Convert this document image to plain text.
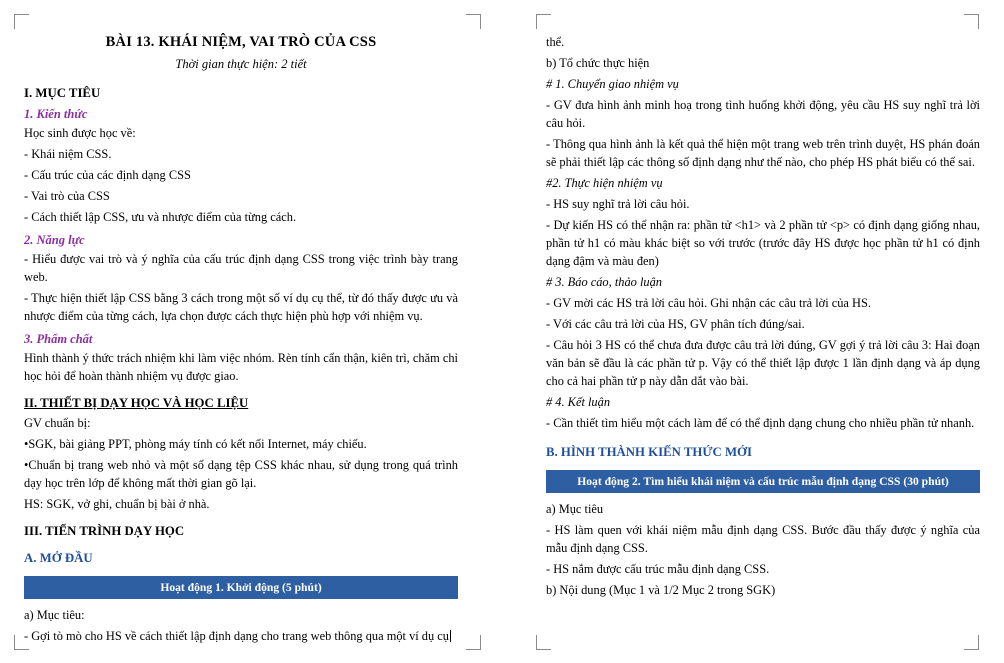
BÀI 13. KHÁI NIỆM, VAI TRÒ CỦA CSS
Thời gian thực hiện: 2 tiết
I. MỤC TIÊU
1. Kiến thức
Học sinh được học về:
- Khái niệm CSS.
- Cấu trúc của các định dạng CSS
- Vai trò của CSS
- Cách thiết lập CSS, ưu và nhược điểm của từng cách.
2. Năng lực
- Hiểu được vai trò và ý nghĩa của cấu trúc định dạng CSS trong việc trình bày trang web.
- Thực hiện thiết lập CSS bằng 3 cách trong một số ví dụ cụ thể, từ đó thấy được ưu và nhược điểm của từng cách, lựa chọn được cách thực hiện phù hợp với nhiệm vụ.
3. Phẩm chất
Hình thành ý thức trách nhiệm khi làm việc nhóm. Rèn tính cẩn thận, kiên trì, chăm chỉ học hỏi để hoàn thành nhiệm vụ được giao.
II. THIẾT BỊ DẠY HỌC VÀ HỌC LIỆU
GV chuẩn bị:
•SGK, bài giảng PPT, phòng máy tính có kết nối Internet, máy chiếu.
•Chuẩn bị trang web nhỏ và một số dạng tệp CSS khác nhau, sử dụng trong quá trình dạy học trên lớp để không mất thời gian gõ lại.
HS: SGK, vở ghi, chuẩn bị bài ở nhà.
III. TIẾN TRÌNH DẠY HỌC
A. MỞ ĐẦU
Hoạt động 1. Khởi động (5 phút)
a) Mục tiêu:
- Gợi tò mò cho HS về cách thiết lập định dạng cho trang web thông qua một ví dụ cụ
thể.
b) Tổ chức thực hiện
# 1. Chuyển giao nhiệm vụ
- GV đưa hình ảnh minh hoạ trong tình huống khởi động, yêu cầu HS suy nghĩ trả lời câu hỏi.
- Thông qua hình ảnh là kết quả thể hiện một trang web trên trình duyệt, HS phán đoán sẽ phải thiết lập các thông số định dạng như thế nào, cho phép HS phát biểu có thể sai.
#2. Thực hiện nhiệm vụ
- HS suy nghĩ trả lời câu hỏi.
- Dự kiến HS có thể nhận ra: phần tử <h1> và 2 phần tử <p> có định dạng giống nhau, phần tử h1 có màu khác biệt so với trước (trước đây HS được học phần tử h1 có định dạng đậm và màu đen)
# 3. Báo cáo, thảo luận
- GV mời các HS trả lời câu hỏi. Ghi nhận các câu trả lời của HS.
- Với các câu trả lời của HS, GV phân tích đúng/sai.
- Câu hỏi 3 HS có thể chưa đưa được câu trả lời đúng, GV gợi ý trả lời câu 3: Hai đoạn văn bản sẽ đầu là các phần tử p. Vậy có thể thiết lập được 1 lần định dạng và áp dụng cho cả hai phần tử p này dẫn dắt vào bài.
# 4. Kết luận
- Cần thiết tìm hiểu một cách làm để có thể định dạng chung cho nhiều phần tử nhanh.
B. HÌNH THÀNH KIẾN THỨC MỚI
Hoạt động 2. Tìm hiểu khái niệm và cấu trúc mẫu định dạng CSS (30 phút)
a) Mục tiêu
- HS làm quen với khái niệm mẫu định dạng CSS. Bước đầu thấy được ý nghĩa của mẫu định dạng CSS.
- HS nắm được cấu trúc mẫu định dạng CSS.
b) Nội dung (Mục 1 và 1/2 Mục 2 trong SGK)
